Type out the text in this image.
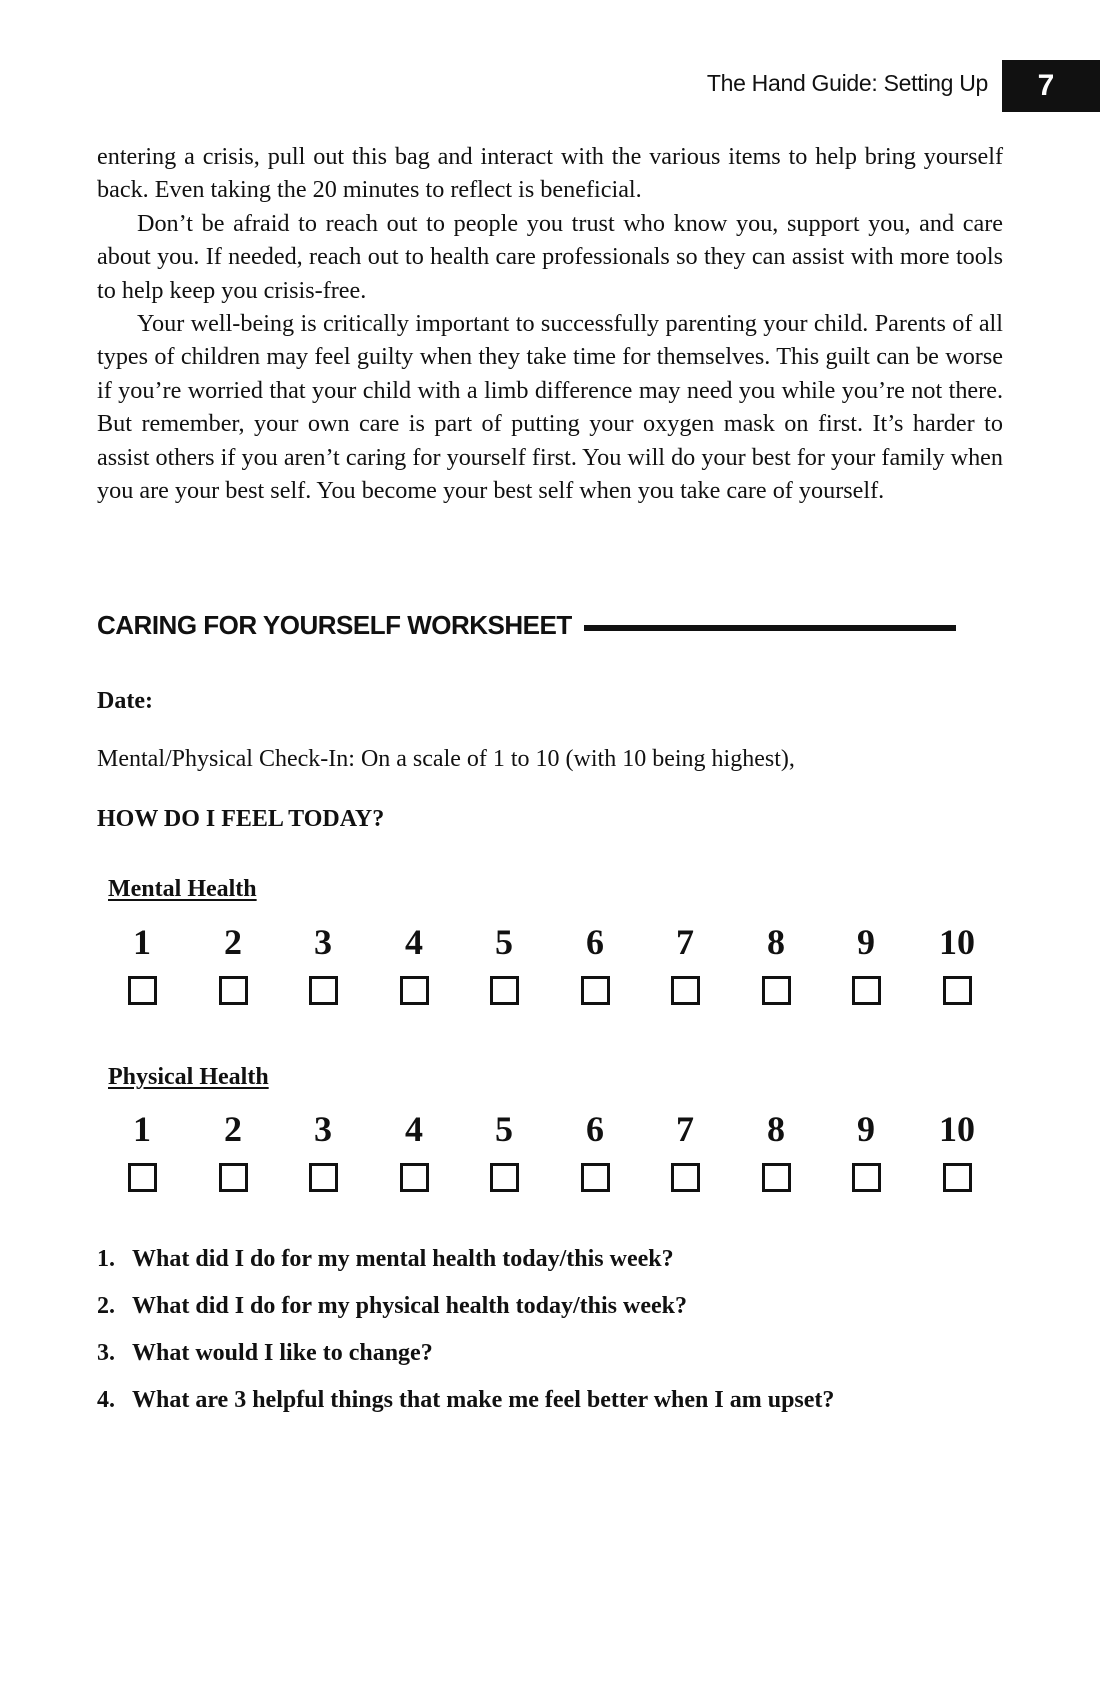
The Hand Guide: Setting Up 7

entering a crisis, pull out this bag and interact with the various items to help bring yourself back. Even taking the 20 minutes to reflect is beneficial.

Don’t be afraid to reach out to people you trust who know you, support you, and care about you. If needed, reach out to health care professionals so they can assist with more tools to help keep you crisis-free.

Your well-being is critically important to successfully parenting your child. Parents of all types of children may feel guilty when they take time for themselves. This guilt can be worse if you’re worried that your child with a limb difference may need you while you’re not there. But remember, your own care is part of putting your oxygen mask on first. It’s harder to assist others if you aren’t caring for yourself first. You will do your best for your family when you are your best self. You become your best self when you take care of yourself.

CARING FOR YOURSELF WORKSHEET
Date:
Mental/Physical Check-In: On a scale of 1 to 10 (with 10 being highest),
HOW DO I FEEL TODAY?
Mental Health
1	2	3	4	5	6	7	8	9	10
Physical Health
1	2	3	4	5	6	7	8	9	10
1. What did I do for my mental health today/this week?
2. What did I do for my physical health today/this week?
3. What would I like to change?
4. What are 3 helpful things that make me feel better when I am upset?
